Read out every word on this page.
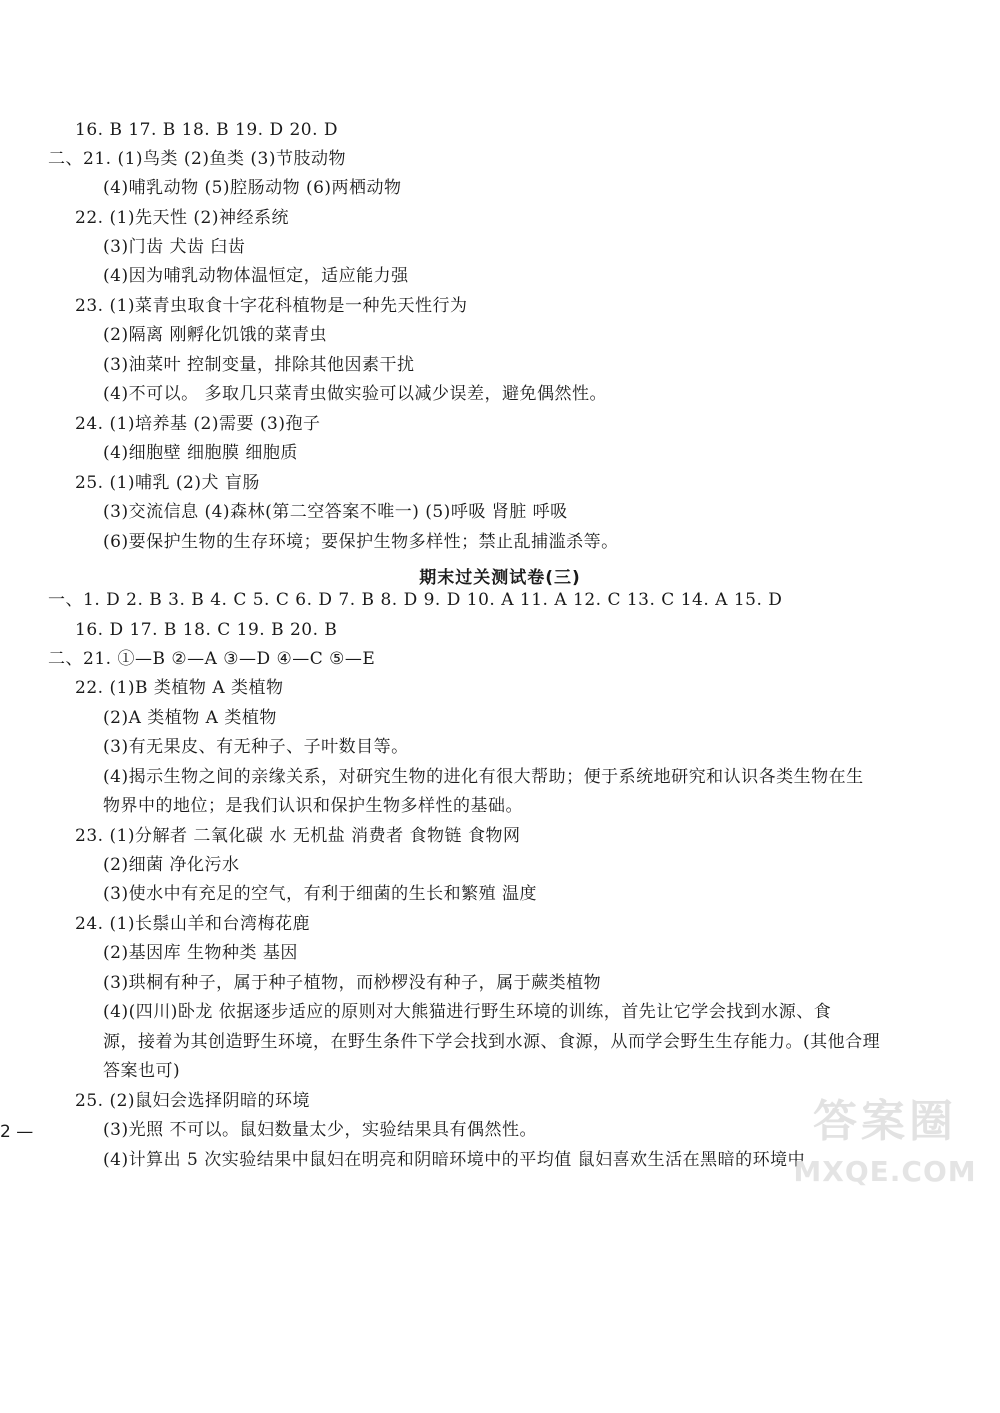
16. B 17. B 18. B 19. D 20. D
二、21. (1)鸟类 (2)鱼类 (3)节肢动物
(4)哺乳动物 (5)腔肠动物 (6)两栖动物
22. (1)先天性 (2)神经系统
(3)门齿 犬齿 臼齿
(4)因为哺乳动物体温恒定，适应能力强
23. (1)菜青虫取食十字花科植物是一种先天性行为
(2)隔离 刚孵化饥饿的菜青虫
(3)油菜叶 控制变量，排除其他因素干扰
(4)不可以。 多取几只菜青虫做实验可以减少误差，避免偶然性。
24. (1)培养基 (2)需要 (3)孢子
(4)细胞壁 细胞膜 细胞质
25. (1)哺乳 (2)犬 盲肠
(3)交流信息 (4)森林(第二空答案不唯一) (5)呼吸 肾脏 呼吸
(6)要保护生物的生存环境；要保护生物多样性；禁止乱捕滥杀等。
一、1. D 2. B 3. B 4. C 5. C 6. D 7. B 8. D 9. D 10. A 11. A 12. C 13. C 14. A 15. D
16. D 17. B 18. C 19. B 20. B
二、21. ①—B ②—A ③—D ④—C ⑤—E
22. (1)B 类植物 A 类植物
(2)A 类植物 A 类植物
(3)有无果皮、有无种子、子叶数目等。
(4)揭示生物之间的亲缘关系，对研究生物的进化有很大帮助；便于系统地研究和认识各类生物在生
物界中的地位；是我们认识和保护生物多样性的基础。
23. (1)分解者 二氧化碳 水 无机盐 消费者 食物链 食物网
(2)细菌 净化污水
(3)使水中有充足的空气，有利于细菌的生长和繁殖 温度
24. (1)长鬃山羊和台湾梅花鹿
(2)基因库 生物种类 基因
(3)珙桐有种子，属于种子植物，而桫椤没有种子，属于蕨类植物
(4)(四川)卧龙 依据逐步适应的原则对大熊猫进行野生环境的训练，首先让它学会找到水源、食
源，接着为其创造野生环境，在野生条件下学会找到水源、食源，从而学会野生生存能力。(其他合理
答案也可)
25. (2)鼠妇会选择阴暗的环境
(3)光照 不可以。鼠妇数量太少，实验结果具有偶然性。
(4)计算出 5 次实验结果中鼠妇在明亮和阴暗环境中的平均值 鼠妇喜欢生活在黑暗的环境中
期末过关测试卷(三)
2 —	答案圈
MXQE.COM
